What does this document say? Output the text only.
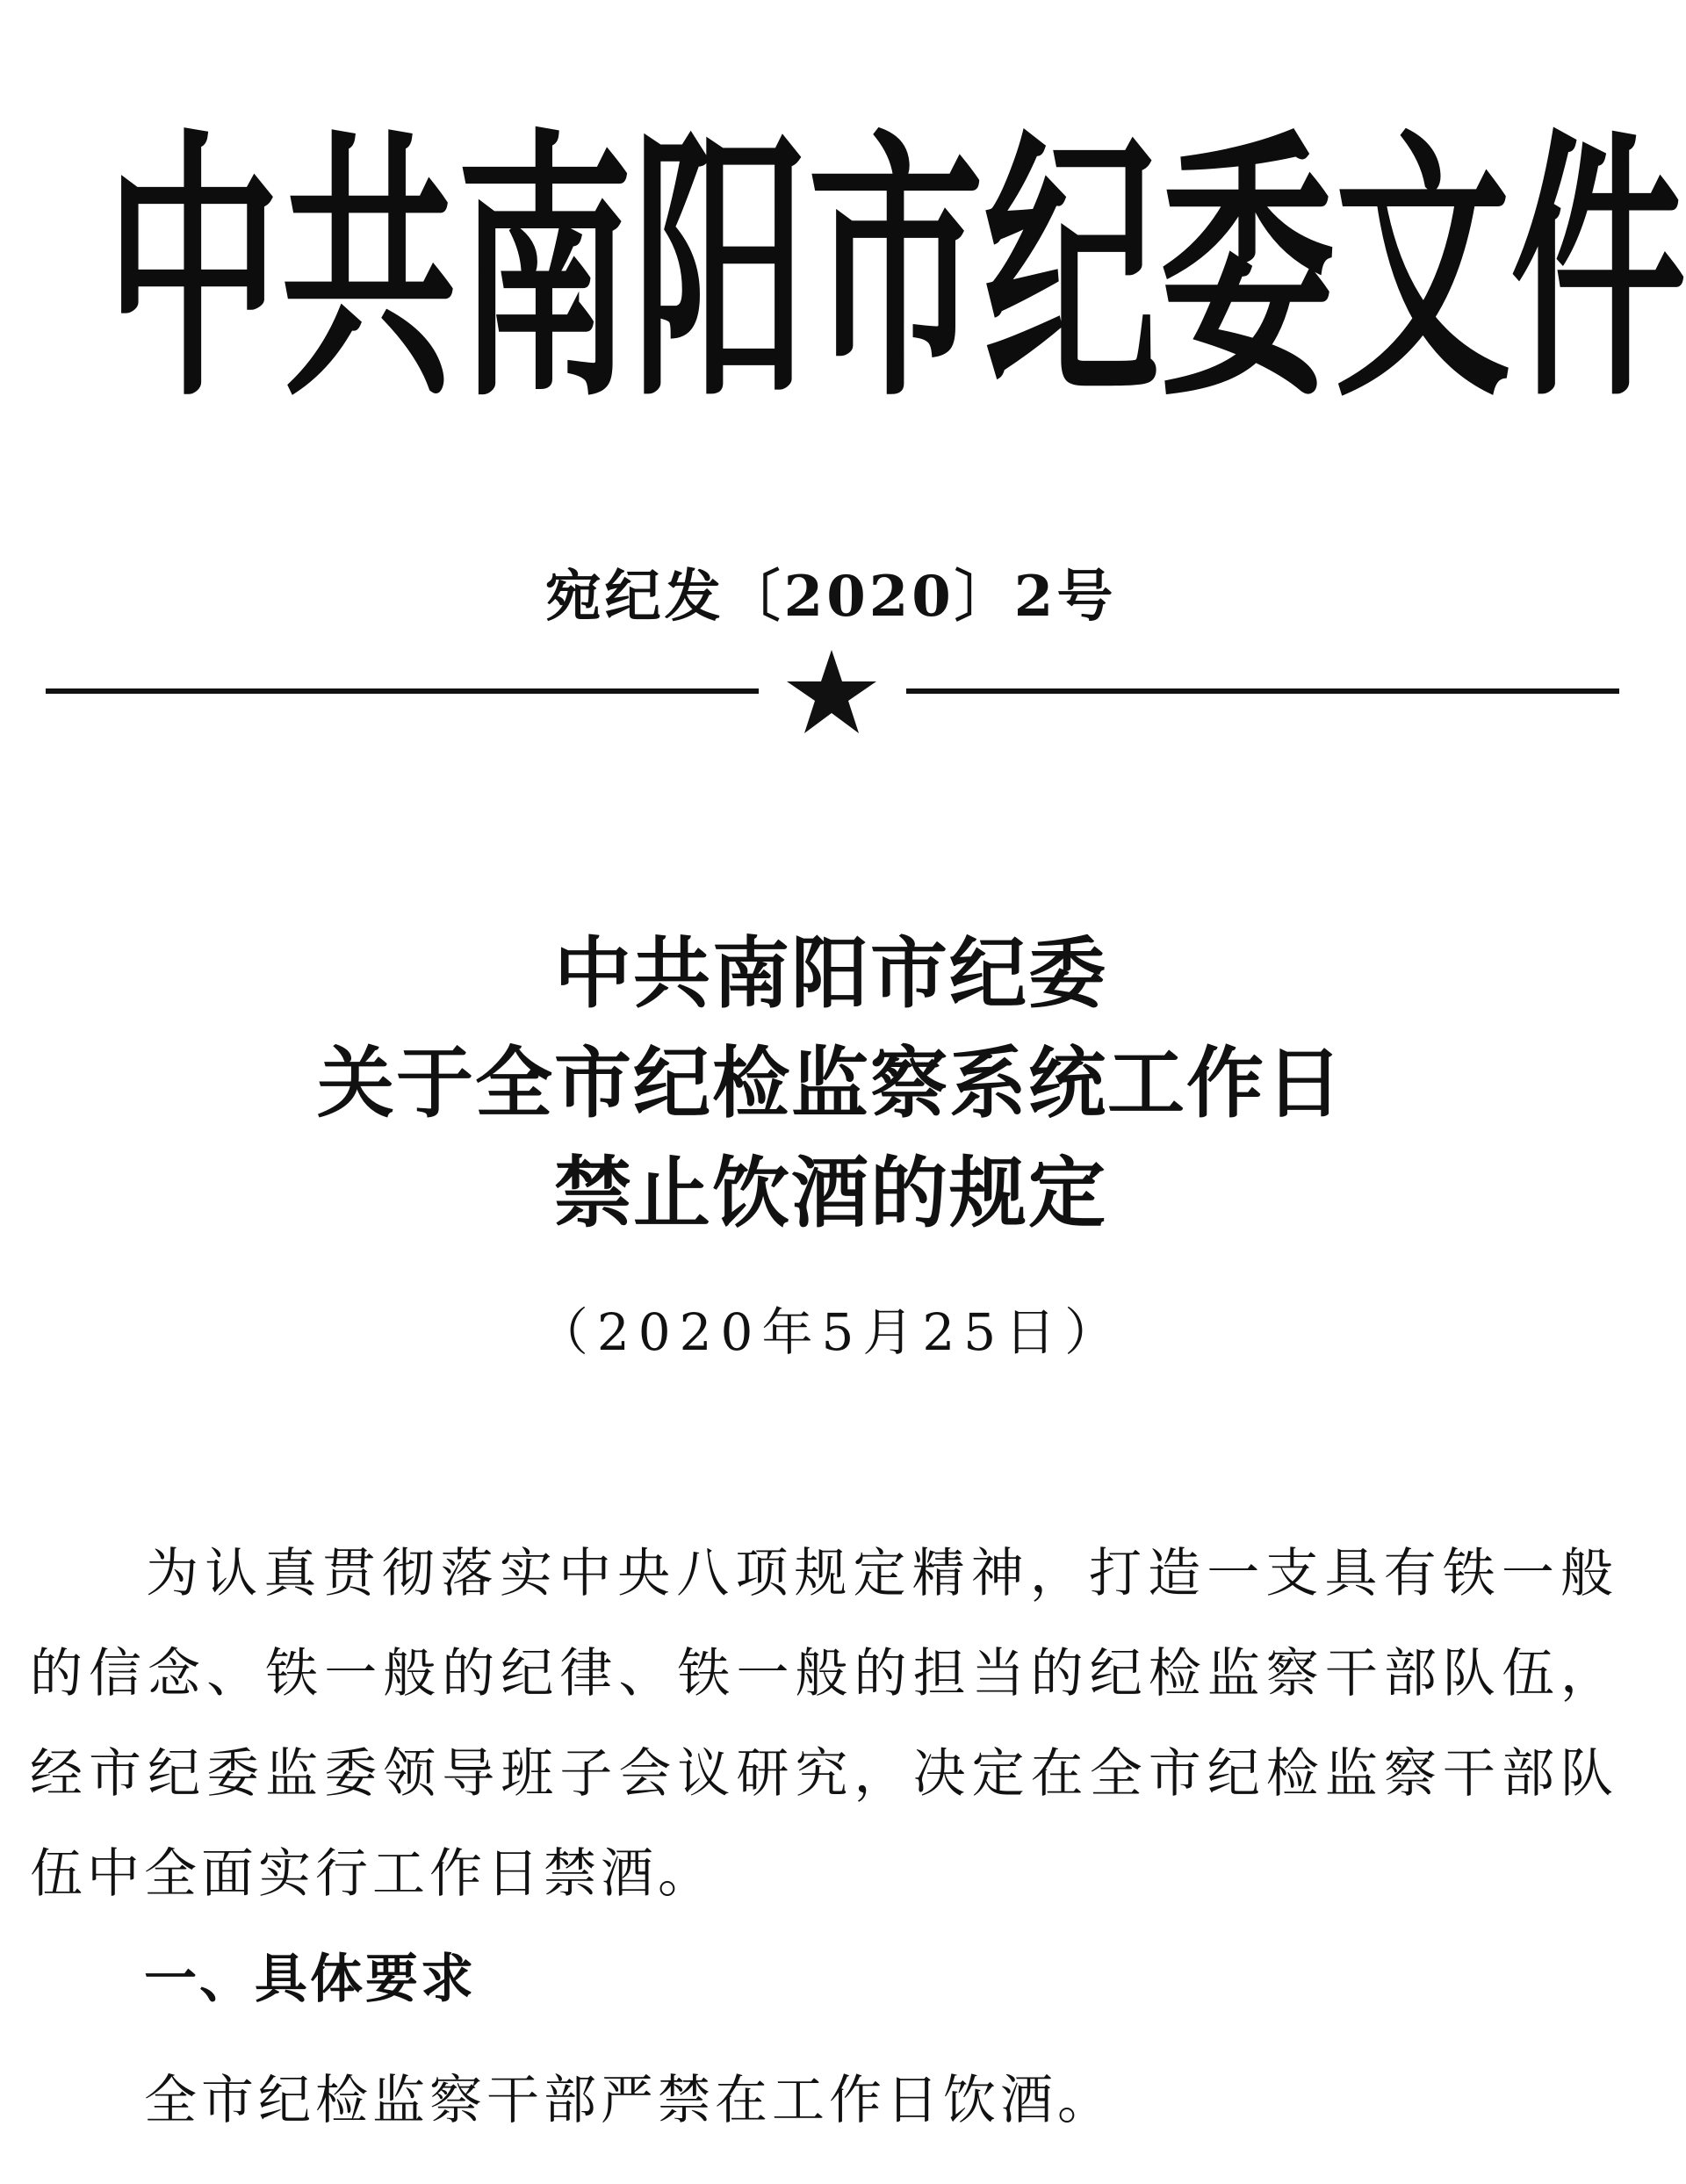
中 共 南 阳 市 纪 委 文 件
宛纪发〔2020〕2号
中共南阳市纪委
关于全市纪检监察系统工作日
禁止饮酒的规定
（2020年5月25日）

为认真贯彻落实中央八项规定精神，打造一支具有铁一般的信念、铁一般的纪律、铁一般的担当的纪检监察干部队伍，经市纪委监委领导班子会议研究，决定在全市纪检监察干部队伍中全面实行工作日禁酒。

一、具体要求

全市纪检监察干部严禁在工作日饮酒。
